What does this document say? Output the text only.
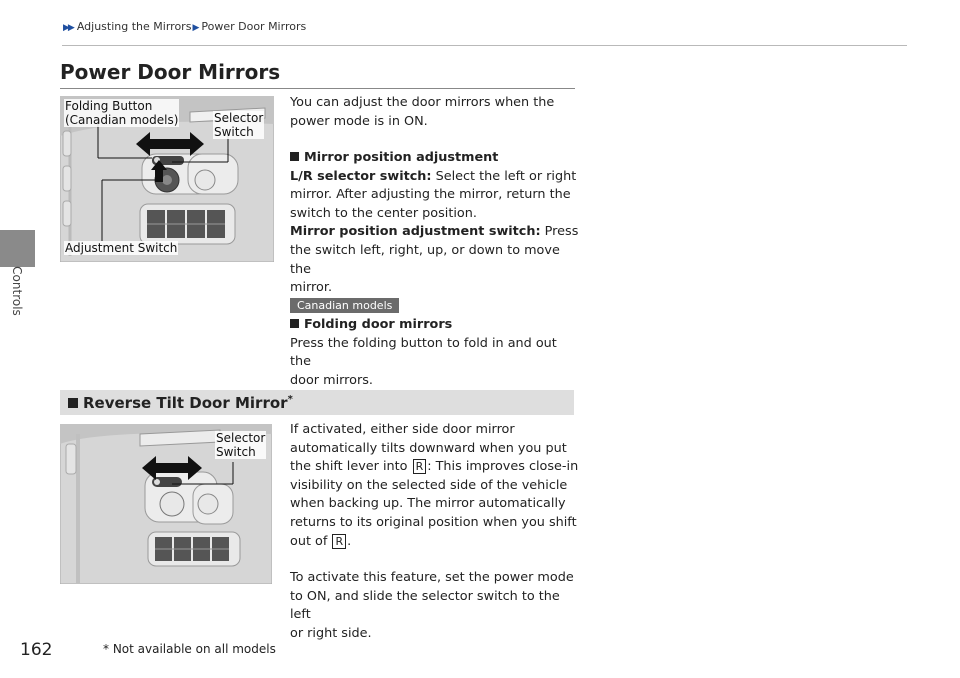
Controls
▶▶ Adjusting the Mirrors▶ Power Door Mirrors
Power Door Mirrors
Folding Button
(Canadian models)	Selector
Switch
Adjustment Switch
You can adjust the door mirrors when the
power mode is in ON.
Mirror position adjustment
L/R selector switch: Select the left or right
mirror. After adjusting the mirror, return the
switch to the center position.
Mirror position adjustment switch: Press
the switch left, right, up, or down to move the
mirror.
Canadian models
Folding door mirrors
Press the folding button to fold in and out the
door mirrors.
Reverse Tilt Door Mirror*
Selector
Switch
If activated, either side door mirror
automatically tilts downward when you put
the shift lever into R : This improves close-in
visibility on the selected side of the vehicle
when backing up. The mirror automatically
returns to its original position when you shift
out of R .
To activate this feature, set the power mode
to ON, and slide the selector switch to the left
or right side.
162	* Not available on all models
